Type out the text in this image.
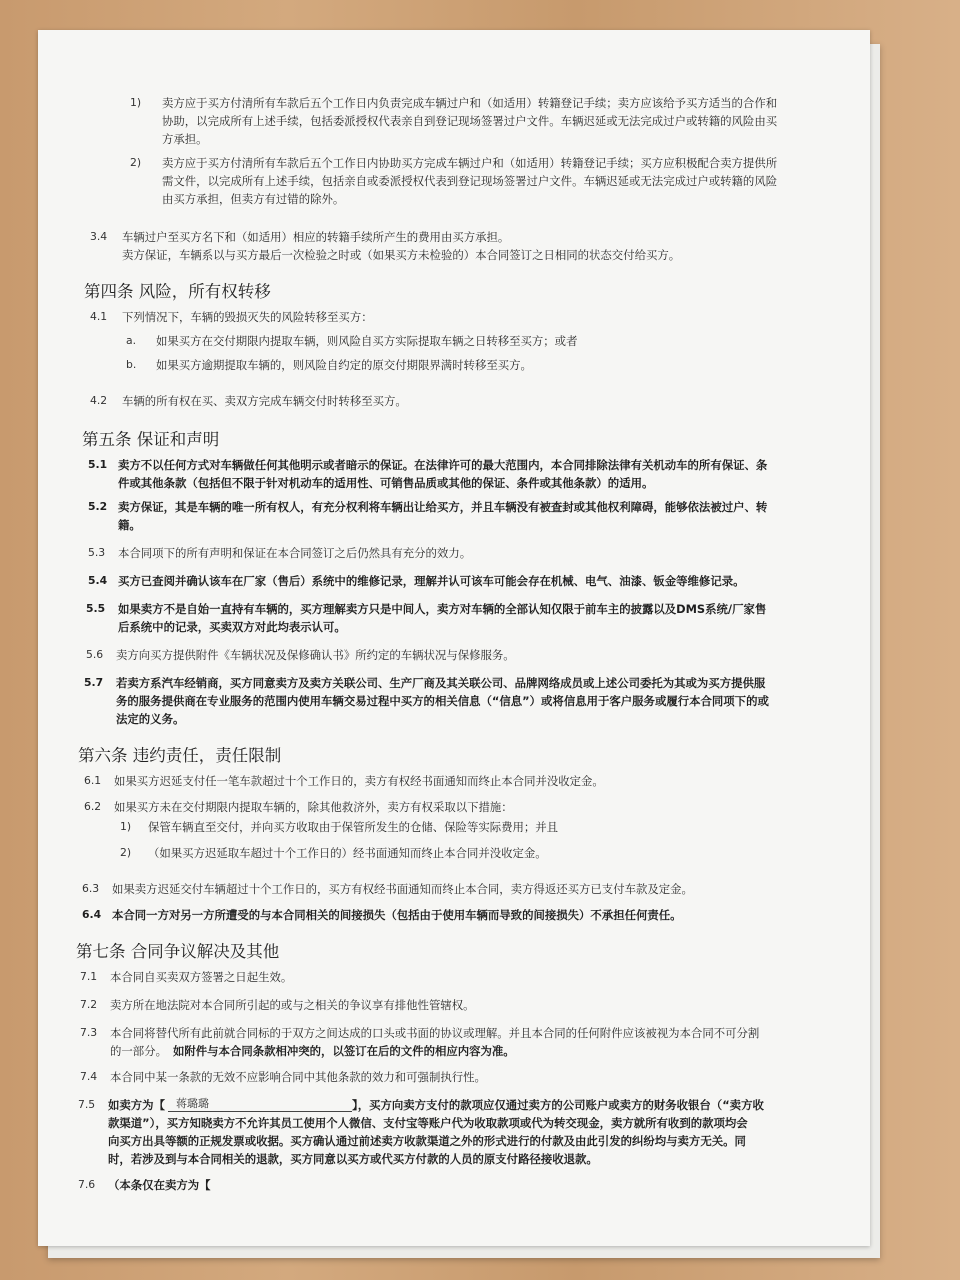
1) 卖方应于买方付清所有车款后五个工作日内负责完成车辆过户和（如适用）转籍登记手续；卖方应该给予买方适当的合作和
协助，以完成所有上述手续，包括委派授权代表亲自到登记现场签署过户文件。车辆迟延或无法完成过户或转籍的风险由买
方承担。
2) 卖方应于买方付清所有车款后五个工作日内协助买方完成车辆过户和（如适用）转籍登记手续；买方应积极配合卖方提供所
需文件，以完成所有上述手续，包括亲自或委派授权代表到登记现场签署过户文件。车辆迟延或无法完成过户或转籍的风险
由买方承担，但卖方有过错的除外。
3.4 车辆过户至买方名下和（如适用）相应的转籍手续所产生的费用由买方承担。
卖方保证，车辆系以与买方最后一次检验之时或（如果买方未检验的）本合同签订之日相同的状态交付给买方。
第四条 风险，所有权转移
4.1 下列情况下，车辆的毁损灭失的风险转移至买方：
a. 如果买方在交付期限内提取车辆，则风险自买方实际提取车辆之日转移至买方；或者
b. 如果买方逾期提取车辆的，则风险自约定的原交付期限界满时转移至买方。
4.2 车辆的所有权在买、卖双方完成车辆交付时转移至买方。
第五条 保证和声明
5.1 卖方不以任何方式对车辆做任何其他明示或者暗示的保证。在法律许可的最大范围内，本合同排除法律有关机动车的所有保证、条
件或其他条款（包括但不限于针对机动车的适用性、可销售品质或其他的保证、条件或其他条款）的适用。
5.2 卖方保证，其是车辆的唯一所有权人，有充分权利将车辆出让给买方，并且车辆没有被查封或其他权利障碍，能够依法被过户、转
籍。
5.3 本合同项下的所有声明和保证在本合同签订之后仍然具有充分的效力。
5.4 买方已查阅并确认该车在厂家（售后）系统中的维修记录，理解并认可该车可能会存在机械、电气、油漆、钣金等维修记录。
5.5 如果卖方不是自始一直持有车辆的，买方理解卖方只是中间人，卖方对车辆的全部认知仅限于前车主的披露以及DMS系统/厂家售
后系统中的记录，买卖双方对此均表示认可。
5.6 卖方向买方提供附件《车辆状况及保修确认书》所约定的车辆状况与保修服务。
5.7 若卖方系汽车经销商，买方同意卖方及卖方关联公司、生产厂商及其关联公司、品牌网络成员或上述公司委托为其或为买方提供服
务的服务提供商在专业服务的范围内使用车辆交易过程中买方的相关信息（“信息”）或将信息用于客户服务或履行本合同项下的或
法定的义务。
第六条 违约责任，责任限制
6.1 如果买方迟延支付任一笔车款超过十个工作日的，卖方有权经书面通知而终止本合同并没收定金。
6.2 如果买方未在交付期限内提取车辆的，除其他救济外，卖方有权采取以下措施：
1) 保管车辆直至交付，并向买方收取由于保管所发生的仓储、保险等实际费用；并且
2) （如果买方迟延取车超过十个工作日的）经书面通知而终止本合同并没收定金。
6.3 如果卖方迟延交付车辆超过十个工作日的，买方有权经书面通知而终止本合同，卖方得返还买方已支付车款及定金。
6.4 本合同一方对另一方所遭受的与本合同相关的间接损失（包括由于使用车辆而导致的间接损失）不承担任何责任。
第七条 合同争议解决及其他
7.1 本合同自买卖双方签署之日起生效。
7.2 卖方所在地法院对本合同所引起的或与之相关的争议享有排他性管辖权。
7.3 本合同将替代所有此前就合同标的于双方之间达成的口头或书面的协议或理解。并且本合同的任何附件应该被视为本合同不可分割
的一部分。 如附件与本合同条款相冲突的，以签订在后的文件的相应内容为准。
7.4 本合同中某一条款的无效不应影响合同中其他条款的效力和可强制执行性。
7.5 如卖方为【	蒋璐璐	】，买方向卖方支付的款项应仅通过卖方的公司账户或卖方的财务收银台（“卖方收
款渠道”），买方知晓卖方不允许其员工使用个人微信、支付宝等账户代为收取款项或代为转交现金，卖方就所有收到的款项均会
向买方出具等额的正规发票或收据。买方确认通过前述卖方收款渠道之外的形式进行的付款及由此引发的纠纷均与卖方无关。同
时，若涉及到与本合同相关的退款，买方同意以买方或代买方付款的人员的原支付路径接收退款。
7.6 （本条仅在卖方为【
